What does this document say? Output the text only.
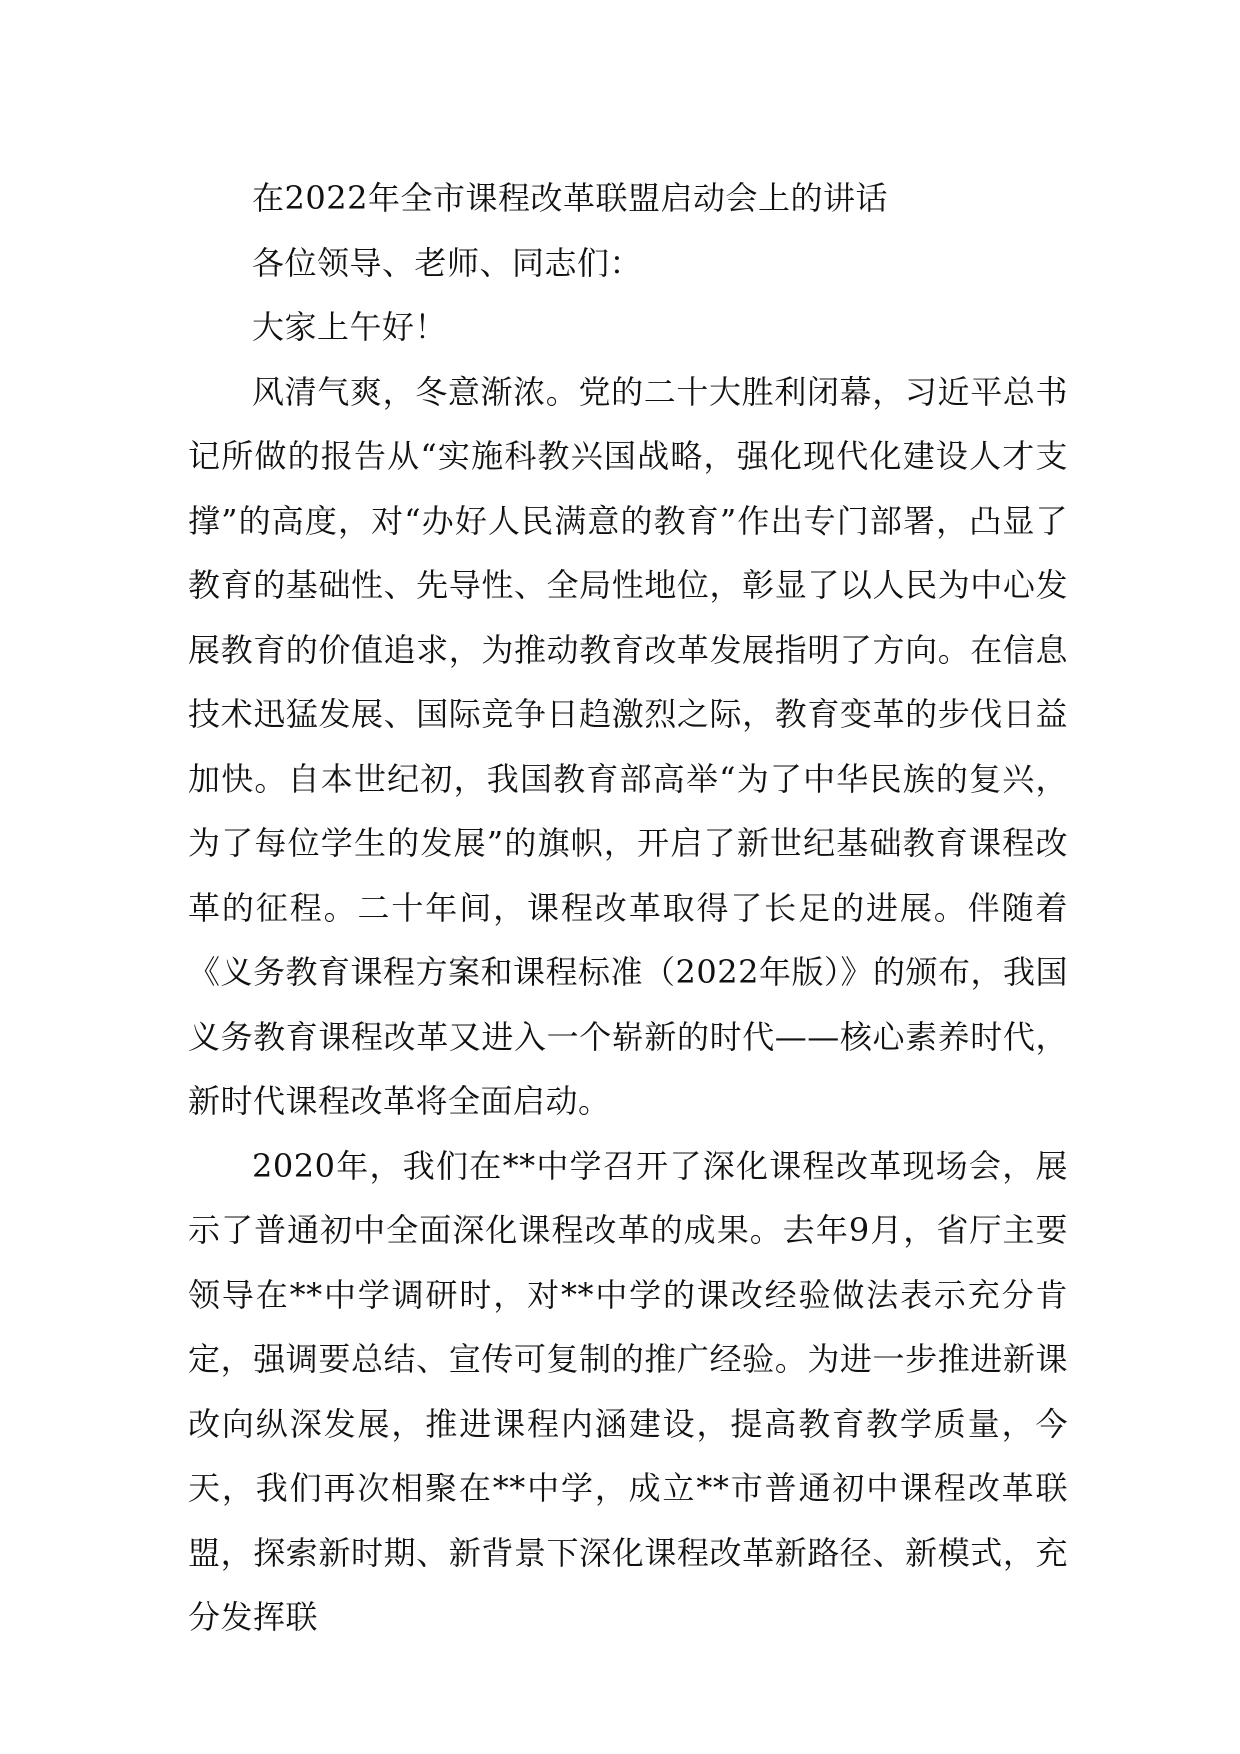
在2022年全市课程改革联盟启动会上的讲话

各位领导、老师、同志们：

大家上午好！

风清气爽，冬意渐浓。党的二十大胜利闭幕，习近平总书记所做的报告从“实施科教兴国战略，强化现代化建设人才支撑”的高度，对“办好人民满意的教育”作出专门部署，凸显了教育的基础性、先导性、全局性地位，彰显了以人民为中心发展教育的价值追求，为推动教育改革发展指明了方向。在信息技术迅猛发展、国际竞争日趋激烈之际，教育变革的步伐日益加快。自本世纪初，我国教育部高举“为了中华民族的复兴，为了每位学生的发展”的旗帜，开启了新世纪基础教育课程改革的征程。二十年间，课程改革取得了长足的进展。伴随着《义务教育课程方案和课程标准（2022年版）》的颁布，我国义务教育课程改革又进入一个崭新的时代——核心素养时代，新时代课程改革将全面启动。

2020年，我们在**中学召开了深化课程改革现场会，展示了普通初中全面深化课程改革的成果。去年9月，省厅主要领导在**中学调研时，对**中学的课改经验做法表示充分肯定，强调要总结、宣传可复制的推广经验。为进一步推进新课改向纵深发展，推进课程内涵建设，提高教育教学质量，今天，我们再次相聚在**中学，成立**市普通初中课程改革联盟，探索新时期、新背景下深化课程改革新路径、新模式，充分发挥联
